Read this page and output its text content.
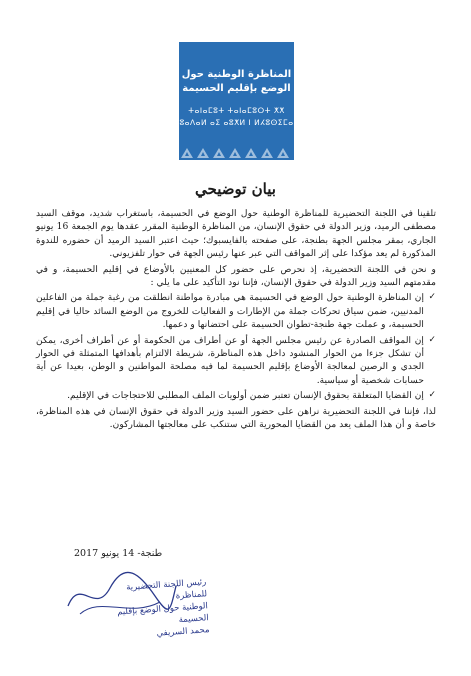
المناظرة الوطنية حول
الوضع بإقليم الحسيمة
ⵜⴰⵏⴰⵎⵓⵜ ⵜⴰⵏⴰⵎⵓⵔⵜ ⵅⵅ
ⵓⴰⴷⴰⵍ ⴰⵉ ⴰⵓⵅⵍ ⵏ ⵍⵃⵓⵙⵉⵎⴰ
بيان توضيحي

تلقينا في اللجنة التحضيرية للمناظرة الوطنية حول الوضع في الحسيمة، باستغراب شديد، موقف السيد مصطفى الرميد، وزير الدولة في حقوق الإنسان، من المناظرة الوطنية المقرر عقدها يوم الجمعة 16 يونيو الجاري، بمقر مجلس الجهة بطنجة، على صفحته بالفايسبوك؛ حيث اعتبر السيد الرميد أن حضوره للندوة المذكورة لم يعد مؤكدا على إثر المواقف التي عبر عنها رئيس الجهة في حوار تلفزيوني.

و نحن في اللجنة التحضيرية، إذ نحرص على حضور كل المعنيين بالأوضاع في إقليم الحسيمة، و في مقدمتهم السيد وزير الدولة في حقوق الإنسان، فإننا نود التأكيد على ما يلي :

✓
إن المناظرة الوطنية حول الوضع في الحسيمة هي مبادرة مواطنة انطلقت من رغبة جملة من الفاعلين المدنيين، ضمن سياق تحركات جملة من الإطارات و الفعاليات للخروج من الوضع السائد حاليا في إقليم الحسيمة، و عملت جهة طنجة-تطوان الحسيمة على احتضانها و دعمها.
✓
إن المواقف الصادرة عن رئيس مجلس الجهة أو عن أطراف من الحكومة أو عن أطراف أخرى، يمكن أن تشكل جزءا من الحوار المنشود داخل هذه المناظرة، شريطة الالتزام بأهدافها المتمثلة في الحوار الجدي و الرصين لمعالجة الأوضاع بإقليم الحسيمة لما فيه مصلحة المواطنين و الوطن، بعيدا عن أية حسابات شخصية أو سياسية.
✓
إن القضايا المتعلقة بحقوق الإنسان تعتبر ضمن أولويات الملف المطلبي للاحتجاجات في الإقليم.

لذا، فإننا في اللجنة التحضيرية نراهن على حضور السيد وزير الدولة في حقوق الإنسان في هذه المناظرة، خاصة و أن هذا الملف يعد من القضايا المحورية التي ستنكب على معالجتها المشاركون.

طنجة- 14 يونيو 2017
رئيس اللجنة التحضيرية للمناظرة
الوطنية حول الوضع بإقليم الحسيمة
محمد السريفي
